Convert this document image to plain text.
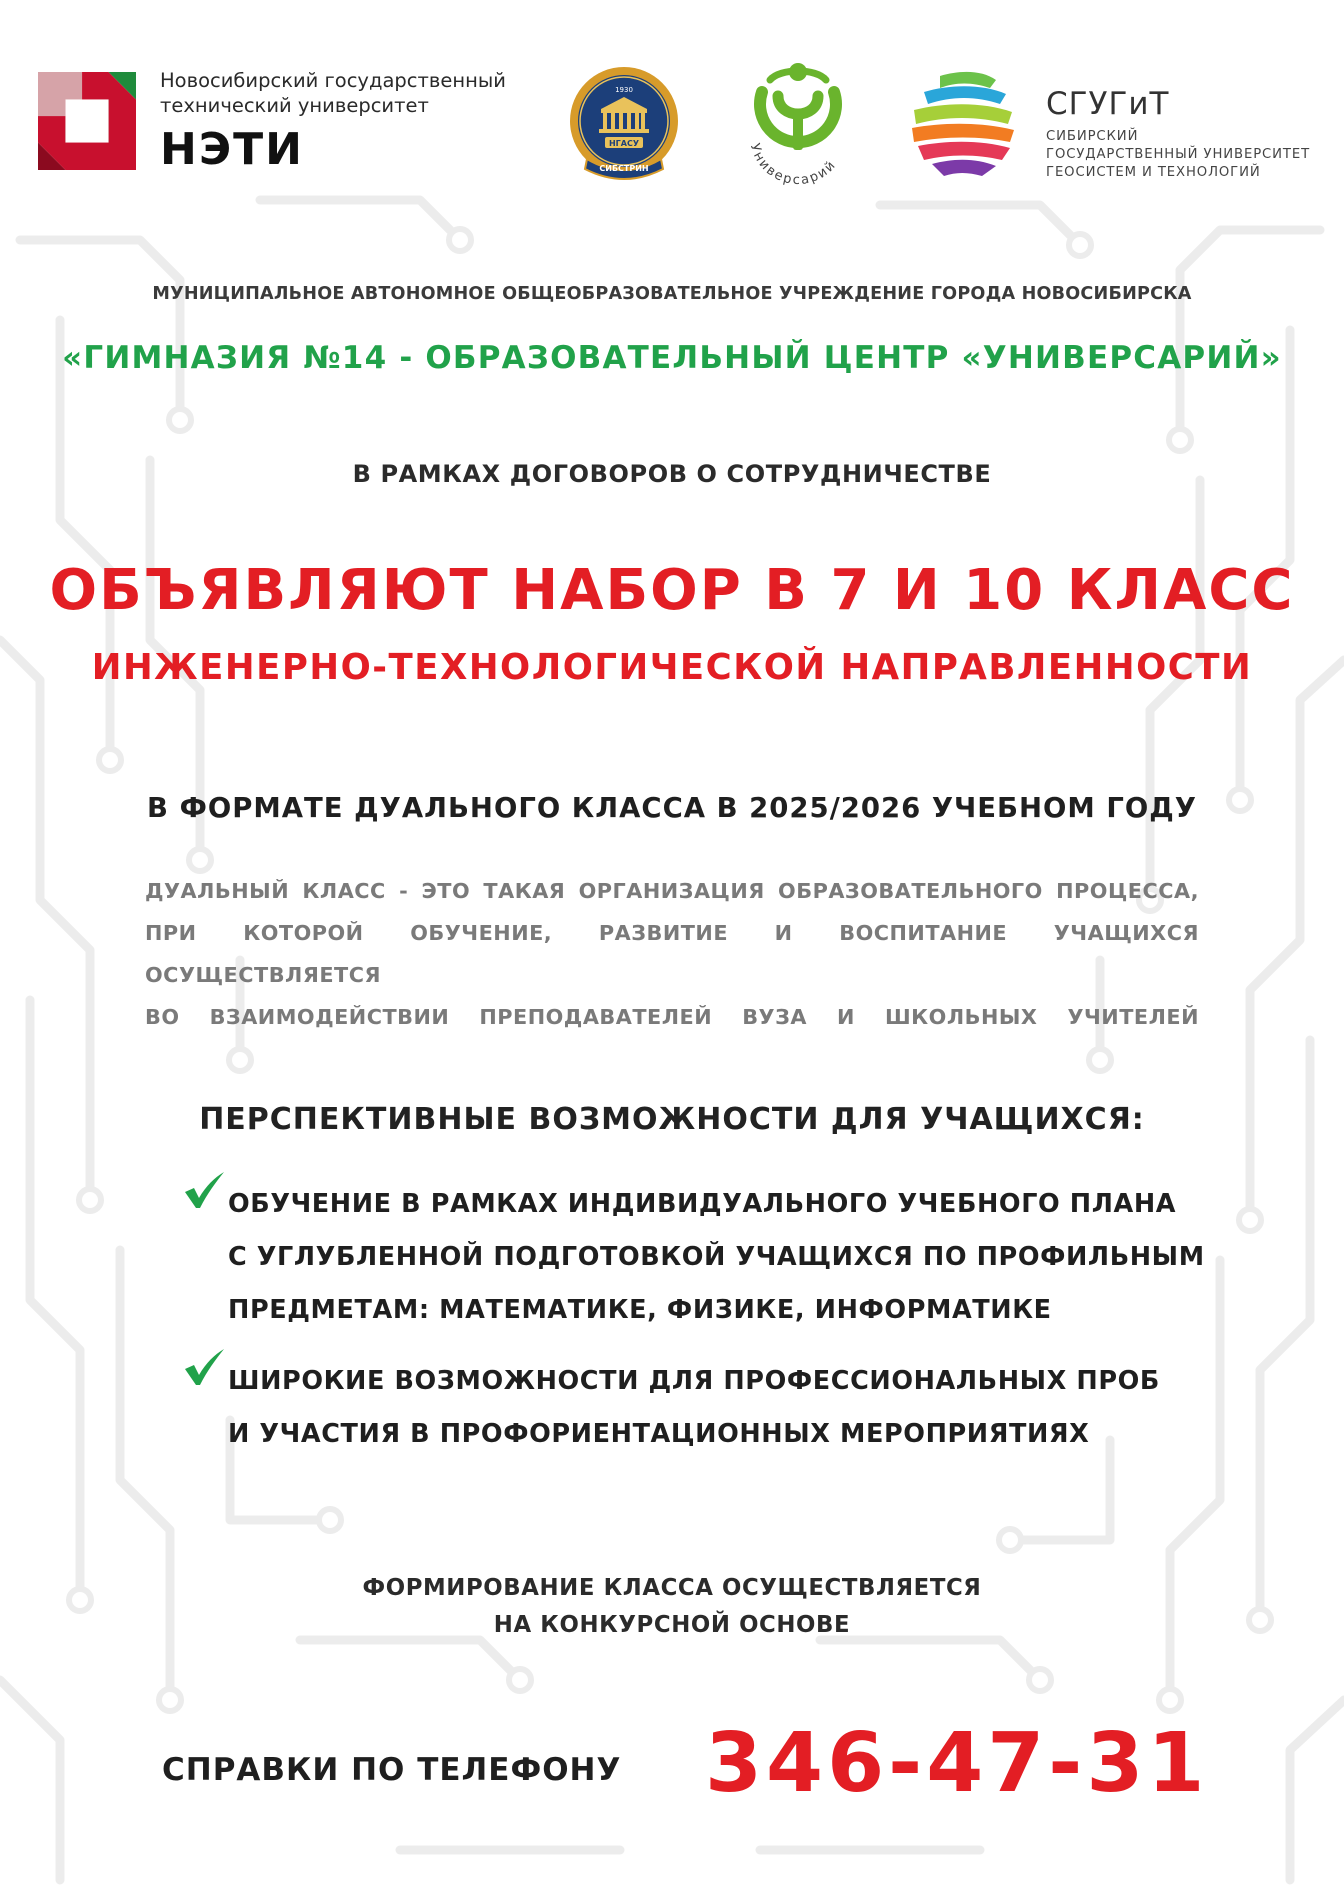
Новосибирский государственный
технический университет
НЭТИ
1930
НГАСУ
СИБСТРИН
Универсарий
СГУГиТ
СИБИРСКИЙ
ГОСУДАРСТВЕННЫЙ УНИВЕРСИТЕТ
ГЕОСИСТЕМ И ТЕХНОЛОГИЙ
МУНИЦИПАЛЬНОЕ АВТОНОМНОЕ ОБЩЕОБРАЗОВАТЕЛЬНОЕ УЧРЕЖДЕНИЕ ГОРОДА НОВОСИБИРСКА
«ГИМНАЗИЯ №14 - ОБРАЗОВАТЕЛЬНЫЙ ЦЕНТР «УНИВЕРСАРИЙ»
В РАМКАХ ДОГОВОРОВ О СОТРУДНИЧЕСТВЕ
ОБЪЯВЛЯЮТ НАБОР В 7 И 10 КЛАСС
ИНЖЕНЕРНО-ТЕХНОЛОГИЧЕСКОЙ НАПРАВЛЕННОСТИ
В ФОРМАТЕ ДУАЛЬНОГО КЛАССА В 2025/2026 УЧЕБНОМ ГОДУ
ДУАЛЬНЫЙ КЛАСС - ЭТО ТАКАЯ ОРГАНИЗАЦИЯ ОБРАЗОВАТЕЛЬНОГО ПРОЦЕССА,
ПРИ КОТОРОЙ ОБУЧЕНИЕ, РАЗВИТИЕ И ВОСПИТАНИЕ УЧАЩИХСЯ ОСУЩЕСТВЛЯЕТСЯ
ВО ВЗАИМОДЕЙСТВИИ ПРЕПОДАВАТЕЛЕЙ ВУЗА И ШКОЛЬНЫХ УЧИТЕЛЕЙ
ПЕРСПЕКТИВНЫЕ ВОЗМОЖНОСТИ ДЛЯ УЧАЩИХСЯ:
ОБУЧЕНИЕ В РАМКАХ ИНДИВИДУАЛЬНОГО УЧЕБНОГО ПЛАНА
С УГЛУБЛЕННОЙ ПОДГОТОВКОЙ УЧАЩИХСЯ ПО ПРОФИЛЬНЫМ
ПРЕДМЕТАМ: МАТЕМАТИКЕ, ФИЗИКЕ, ИНФОРМАТИКЕ
ШИРОКИЕ ВОЗМОЖНОСТИ ДЛЯ ПРОФЕССИОНАЛЬНЫХ ПРОБ
И УЧАСТИЯ В ПРОФОРИЕНТАЦИОННЫХ МЕРОПРИЯТИЯХ
ФОРМИРОВАНИЕ КЛАССА ОСУЩЕСТВЛЯЕТСЯ
НА КОНКУРСНОЙ ОСНОВЕ
СПРАВКИ ПО ТЕЛЕФОНУ 346-47-31
